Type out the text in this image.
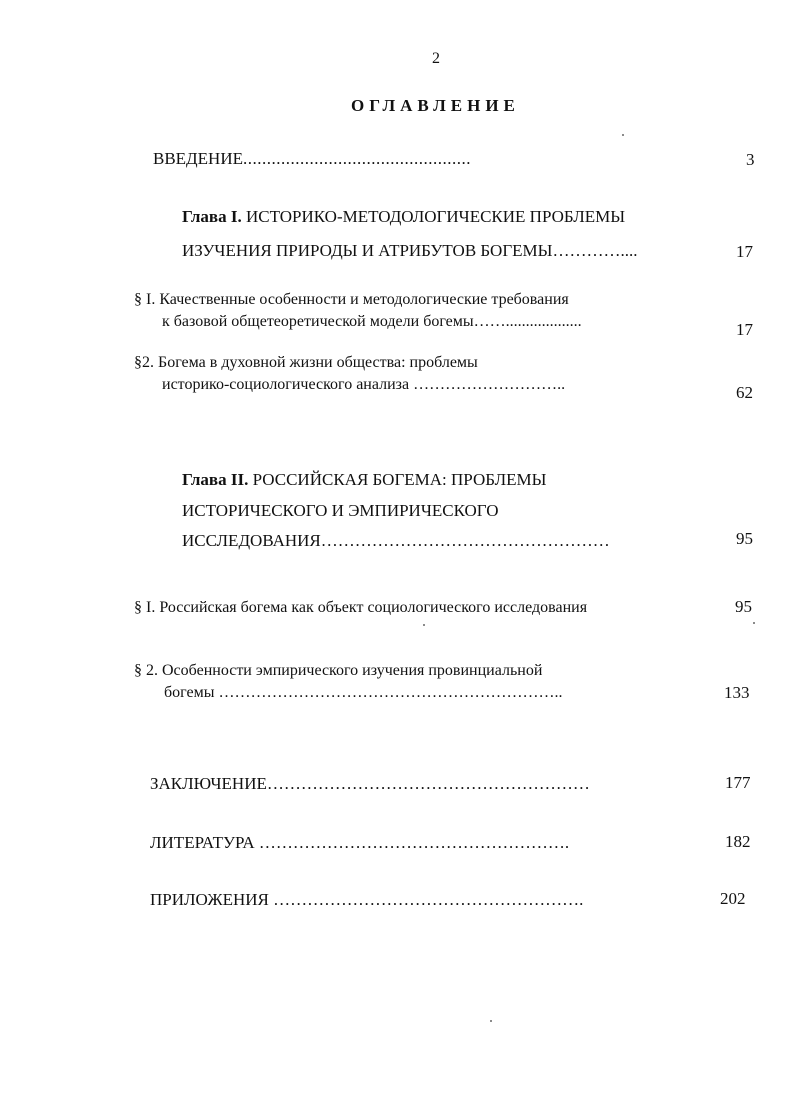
2
ОГЛАВЛЕНИЕ
ВВЕДЕНИЕ................................................	3
Глава I. ИСТОРИКО-МЕТОДОЛОГИЧЕСКИЕ ПРОБЛЕМЫ
ИЗУЧЕНИЯ ПРИРОДЫ И АТРИБУТОВ БОГЕМЫ…………....	17
§ I. Качественные особенности и методологические требования
к базовой общетеоретической модели богемы……...................	17
§2. Богема в духовной жизни общества: проблемы
историко-социологического анализа ………………………..	62
Глава II. РОССИЙСКАЯ БОГЕМА: ПРОБЛЕМЫ
ИСТОРИЧЕСКОГО И ЭМПИРИЧЕСКОГО
ИССЛЕДОВАНИЯ……………………………………………	95
§ I. Российская богема как объект социологического исследования	95
§ 2. Особенности эмпирического изучения провинциальной
богемы ………………………………………………………..	133
ЗАКЛЮЧЕНИЕ…………………………………………………	177
ЛИТЕРАТУРА ……………………………………………….	182
ПРИЛОЖЕНИЯ ……………………………………………….	202
